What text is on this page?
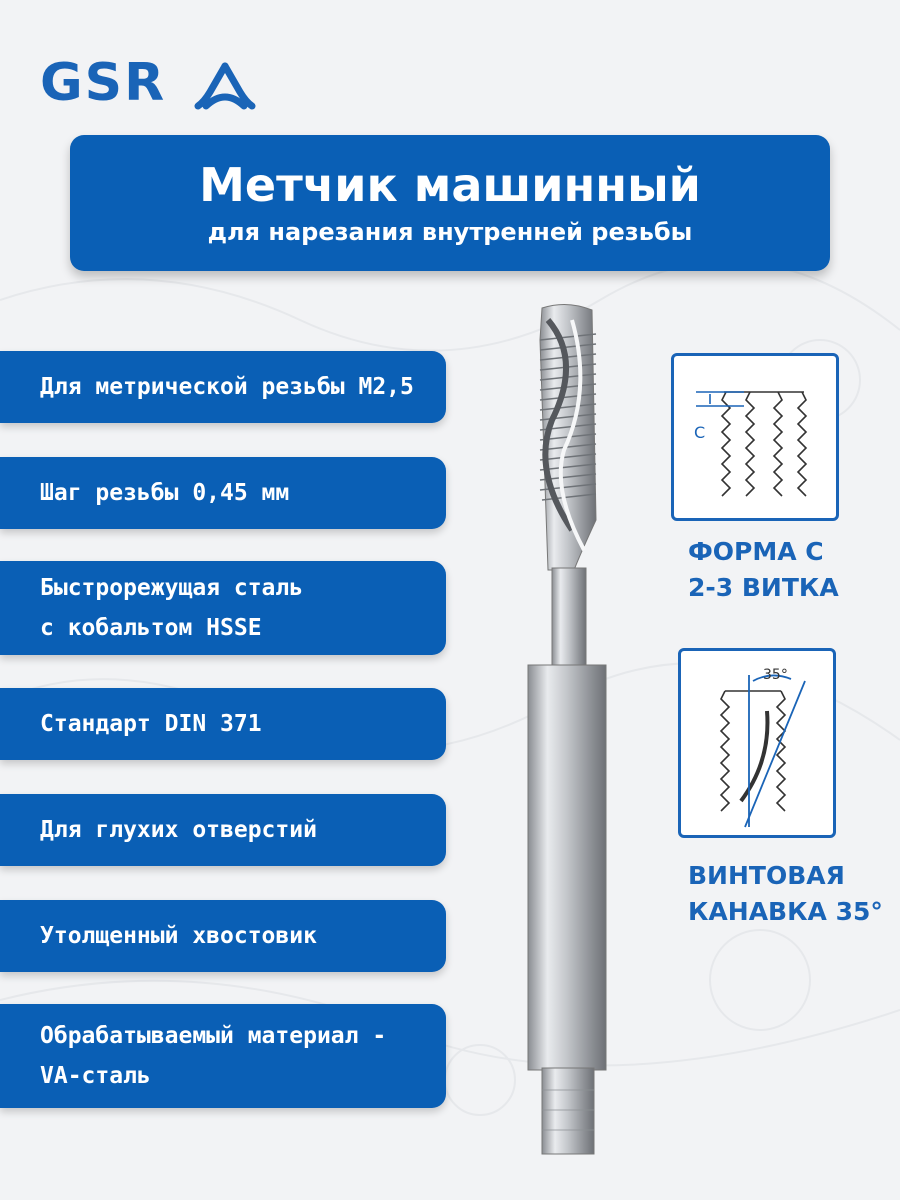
GSR
Метчик машинный
для нарезания внутренней резьбы
Для метрической резьбы M2,5
Шаг резьбы 0,45 мм
Быстрорежущая сталь
с кобальтом HSSE
Стандарт DIN 371
Для глухих отверстий
Утолщенный хвостовик
Обрабатываемый материал -
VA-сталь
C
ФОРМА C
2-3 ВИТКА
35°
ВИНТОВАЯ
КАНАВКА 35°
